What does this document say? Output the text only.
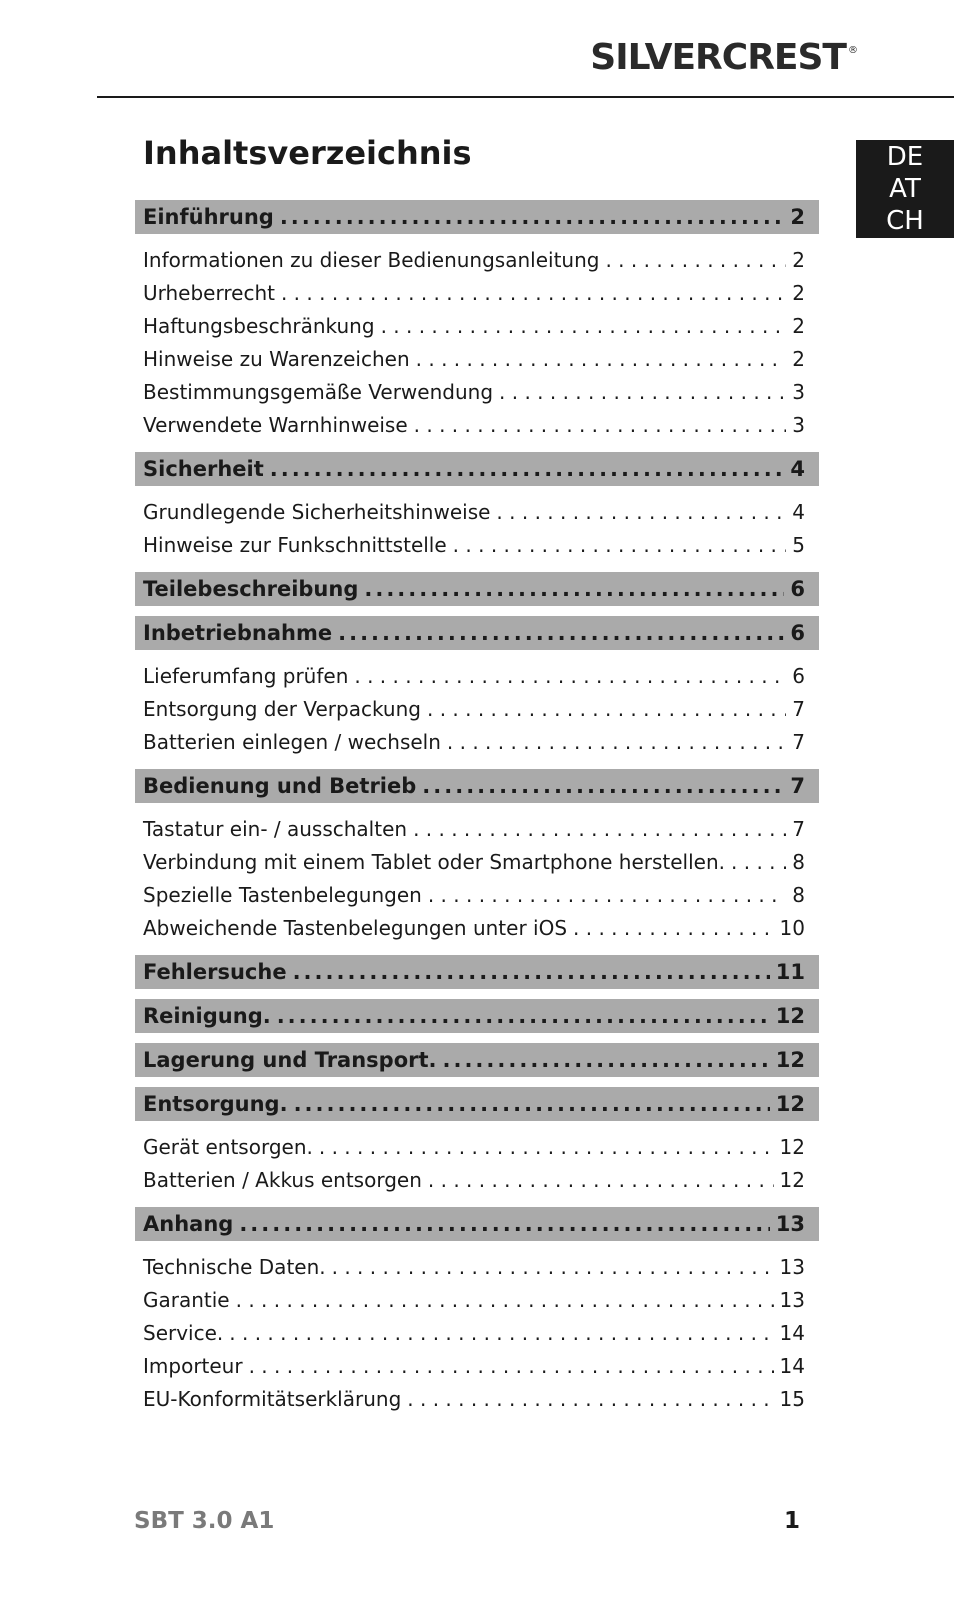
SILVERCREST ®
DE
AT
CH
Inhaltsverzeichnis
Einführung .....	2
Informationen zu dieser Bedienungsanleitung . . .	2
Urheberrecht . . .	2
Haftungsbeschränkung . . .	2
Hinweise zu Warenzeichen . . .	2
Bestimmungsgemäße Verwendung . . .	3
Verwendete Warnhinweise . . .	3
Sicherheit .....	4
Grundlegende Sicherheitshinweise . . .	4
Hinweise zur Funkschnittstelle . . .	5
Teilebeschreibung .....	6
Inbetriebnahme .....	6
Lieferumfang prüfen . . .	6
Entsorgung der Verpackung . . .	7
Batterien einlegen / wechseln . . .	7
Bedienung und Betrieb .....	7
Tastatur ein- / ausschalten . . .	7
Verbindung mit einem Tablet oder Smartphone herstellen. . . .	8
Spezielle Tastenbelegungen . . .	8
Abweichende Tastenbelegungen unter iOS . . .	10
Fehlersuche .....	11
Reinigung. .....	12
Lagerung und Transport. .....	12
Entsorgung. .....	12
Gerät entsorgen. . . .	12
Batterien / Akkus entsorgen . . .	12
Anhang .....	13
Technische Daten. . . .	13
Garantie . . .	13
Service. . . .	14
Importeur . . .	14
EU-Konformitätserklärung . . .	15
SBT 3.0 A1	1
